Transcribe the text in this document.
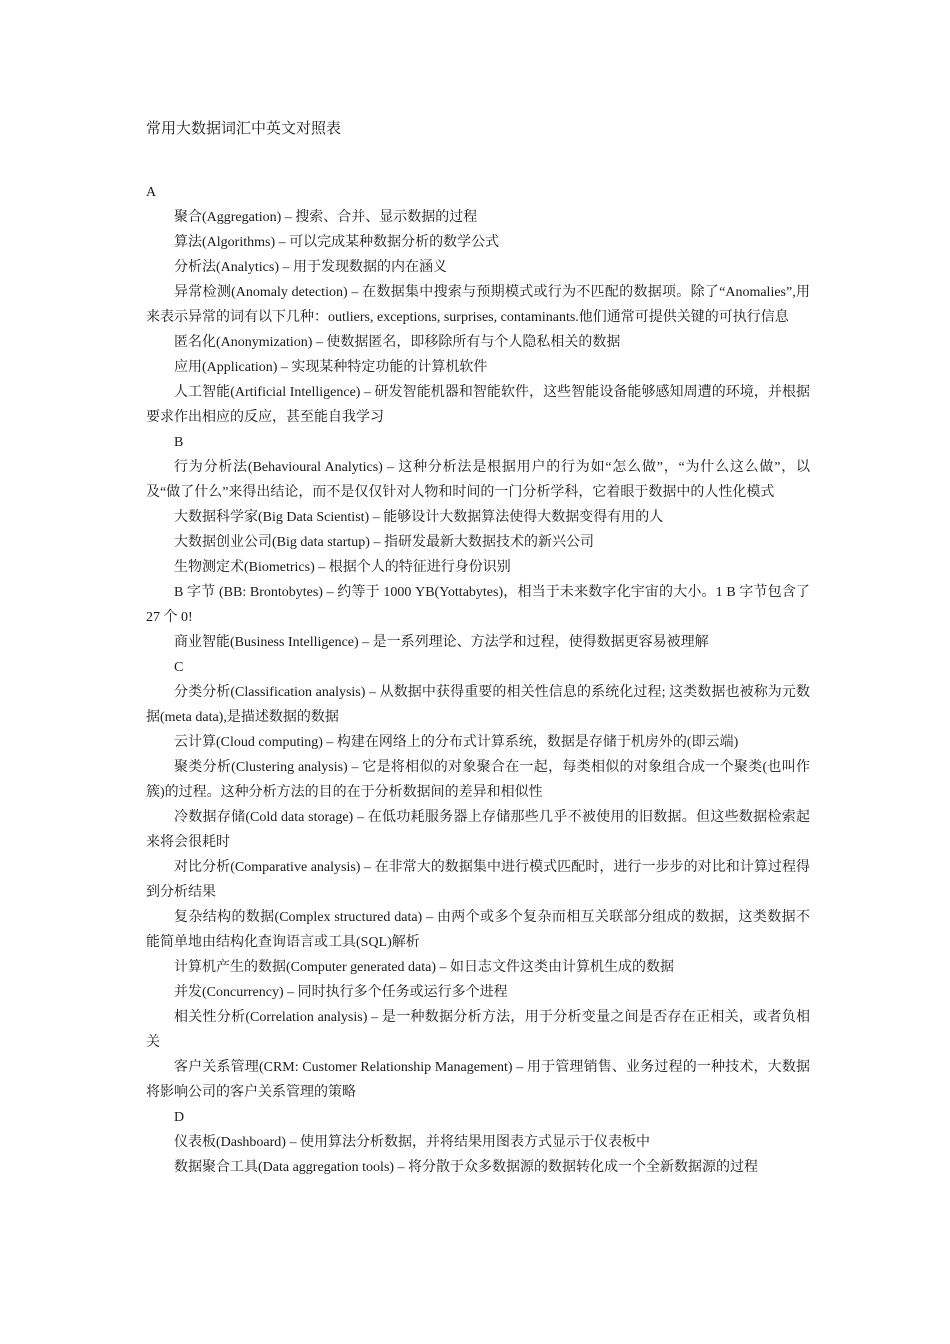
常用大数据词汇中英文对照表

A

聚合(Aggregation) – 搜索、合并、显示数据的过程

算法(Algorithms) – 可以完成某种数据分析的数学公式

分析法(Analytics) – 用于发现数据的内在涵义

异常检测(Anomaly detection) – 在数据集中搜索与预期模式或行为不匹配的数据项。除了“Anomalies”,用来表示异常的词有以下几种：outliers, exceptions, surprises, contaminants.他们通常可提供关键的可执行信息

匿名化(Anonymization) – 使数据匿名，即移除所有与个人隐私相关的数据

应用(Application) – 实现某种特定功能的计算机软件

人工智能(Artificial Intelligence) – 研发智能机器和智能软件，这些智能设备能够感知周遭的环境，并根据要求作出相应的反应，甚至能自我学习

B

行为分析法(Behavioural Analytics) – 这种分析法是根据用户的行为如“怎么做”，“为什么这么做”，以及“做了什么”来得出结论，而不是仅仅针对人物和时间的一门分析学科，它着眼于数据中的人性化模式

大数据科学家(Big Data Scientist) – 能够设计大数据算法使得大数据变得有用的人

大数据创业公司(Big data startup) – 指研发最新大数据技术的新兴公司

生物测定术(Biometrics) – 根据个人的特征进行身份识别

B 字节 (BB: Brontobytes) – 约等于 1000 YB(Yottabytes)，相当于未来数字化宇宙的大小。1 B 字节包含了 27 个 0!

商业智能(Business Intelligence) – 是一系列理论、方法学和过程，使得数据更容易被理解

C

分类分析(Classification analysis) – 从数据中获得重要的相关性信息的系统化过程; 这类数据也被称为元数据(meta data),是描述数据的数据

云计算(Cloud computing) – 构建在网络上的分布式计算系统，数据是存储于机房外的(即云端)

聚类分析(Clustering analysis) – 它是将相似的对象聚合在一起，每类相似的对象组合成一个聚类(也叫作簇)的过程。这种分析方法的目的在于分析数据间的差异和相似性

冷数据存储(Cold data storage) – 在低功耗服务器上存储那些几乎不被使用的旧数据。但这些数据检索起来将会很耗时

对比分析(Comparative analysis) – 在非常大的数据集中进行模式匹配时，进行一步步的对比和计算过程得到分析结果

复杂结构的数据(Complex structured data) – 由两个或多个复杂而相互关联部分组成的数据，这类数据不能简单地由结构化查询语言或工具(SQL)解析

计算机产生的数据(Computer generated data) – 如日志文件这类由计算机生成的数据

并发(Concurrency) – 同时执行多个任务或运行多个进程

相关性分析(Correlation analysis) – 是一种数据分析方法，用于分析变量之间是否存在正相关，或者负相关

客户关系管理(CRM: Customer Relationship Management) – 用于管理销售、业务过程的一种技术，大数据将影响公司的客户关系管理的策略

D

仪表板(Dashboard) – 使用算法分析数据，并将结果用图表方式显示于仪表板中

数据聚合工具(Data aggregation tools) – 将分散于众多数据源的数据转化成一个全新数据源的过程
